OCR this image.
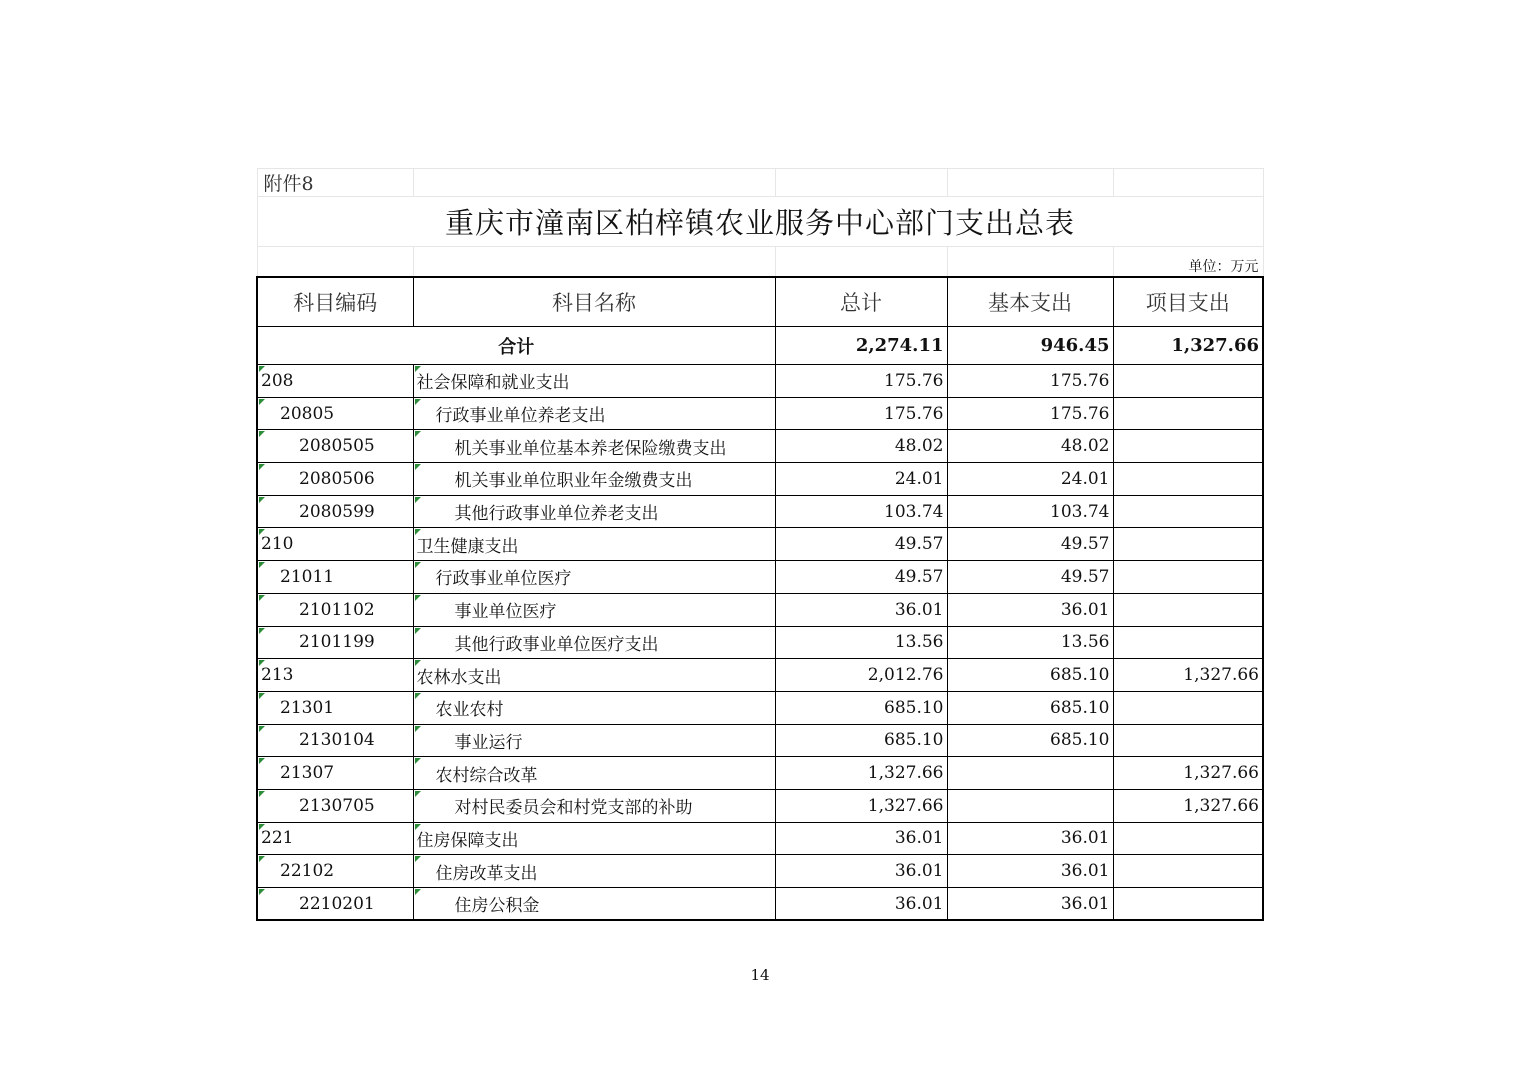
附件8				
重庆市潼南区柏梓镇农业服务中心部门支出总表				
				单位：万元
科目编码	科目名称	总计	基本支出	项目支出
合计		2,274.11	946.45	1,327.66
208	社会保障和就业支出	175.76	175.76	
20805	行政事业单位养老支出	175.76	175.76	
2080505	机关事业单位基本养老保险缴费支出	48.02	48.02	
2080506	机关事业单位职业年金缴费支出	24.01	24.01	
2080599	其他行政事业单位养老支出	103.74	103.74	
210	卫生健康支出	49.57	49.57	
21011	行政事业单位医疗	49.57	49.57	
2101102	事业单位医疗	36.01	36.01	
2101199	其他行政事业单位医疗支出	13.56	13.56	
213	农林水支出	2,012.76	685.10	1,327.66
21301	农业农村	685.10	685.10	
2130104	事业运行	685.10	685.10	
21307	农村综合改革	1,327.66		1,327.66
2130705	对村民委员会和村党支部的补助	1,327.66		1,327.66
221	住房保障支出	36.01	36.01	
22102	住房改革支出	36.01	36.01	
2210201	住房公积金	36.01	36.01	
14
